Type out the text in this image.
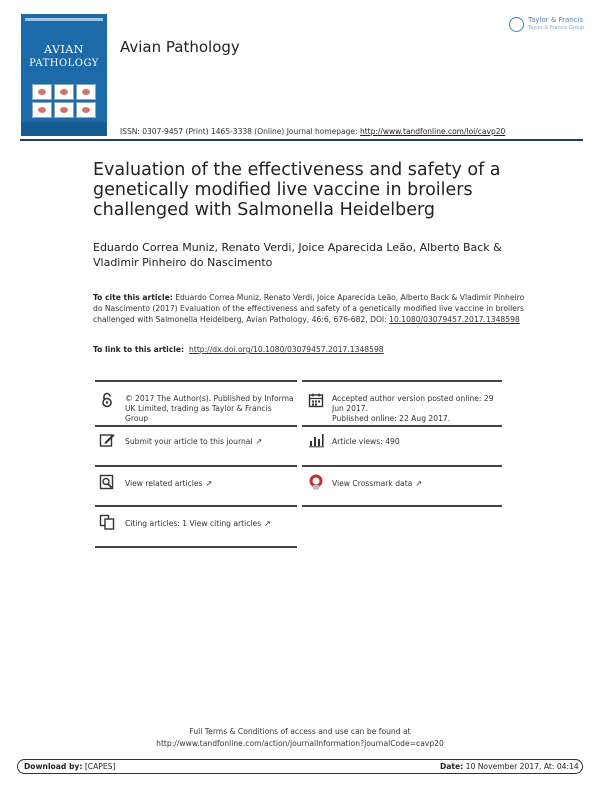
AVIAN
PATHOLOGY
Avian Pathology
Taylor & Francis
Taylor & Francis Group
ISSN: 0307-9457 (Print) 1465-3338 (Online) Journal homepage: http://www.tandfonline.com/loi/cavp20
Evaluation of the effectiveness and safety of a genetically modified live vaccine in broilers challenged with Salmonella Heidelberg
Eduardo Correa Muniz, Renato Verdi, Joice Aparecida Leão, Alberto Back & Vladimir Pinheiro do Nascimento
To cite this article: Eduardo Correa Muniz, Renato Verdi, Joice Aparecida Leão, Alberto Back & Vladimir Pinheiro do Nascimento (2017) Evaluation of the effectiveness and safety of a genetically modified live vaccine in broilers challenged with Salmonella Heidelberg, Avian Pathology, 46:6, 676-682, DOI: 10.1080/03079457.2017.1348598
To link to this article: http://dx.doi.org/10.1080/03079457.2017.1348598
© 2017 The Author(s). Published by Informa UK Limited, trading as Taylor & Francis Group
Accepted author version posted online: 29 Jun 2017.
Published online: 22 Aug 2017.
Submit your article to this journal ↗	Article views: 490
View related articles ↗	View Crossmark data ↗
Citing articles: 1 View citing articles ↗
Full Terms & Conditions of access and use can be found at
http://www.tandfonline.com/action/journalInformation?journalCode=cavp20
Download by: [CAPES]	Date: 10 November 2017, At: 04:14
